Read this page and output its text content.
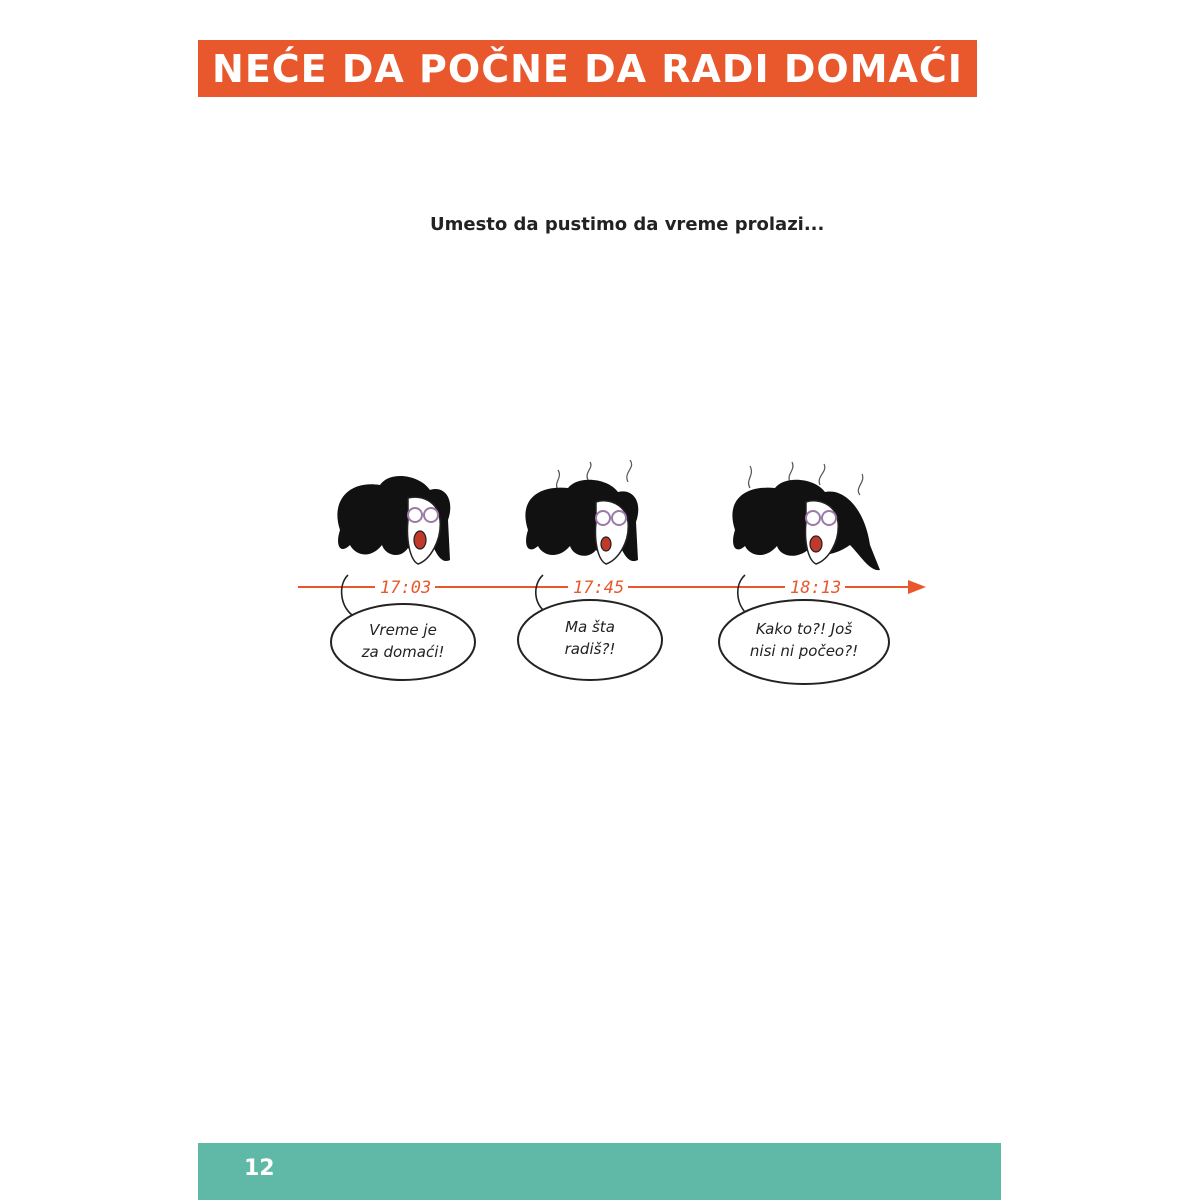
NEĆE DA POČNE DA RADI DOMAĆI
Umesto da pustimo da vreme prolazi...
17:03
Vreme je
za domaći!
17:45
Ma šta
radiš?!
18:13
Kako to?! Još
nisi ni počeo?!
12
